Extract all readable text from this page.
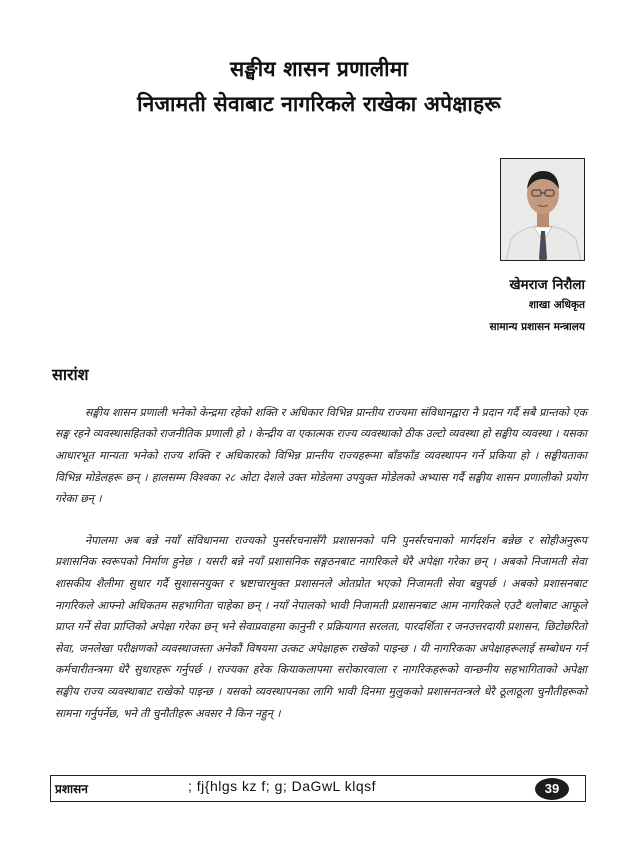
सङ्घीय शासन प्रणालीमा
निजामती सेवाबाट नागरिकले राखेका अपेक्षाहरू
खेमराज निरौला
शाखा अधिकृत
सामान्य प्रशासन मन्त्रालय
सारांश

सङ्घीय शासन प्रणाली भनेको केन्द्रमा रहेको शक्ति र अधिकार विभिन्न प्रान्तीय राज्यमा संविधानद्वारा नै प्रदान गर्दै सबै प्रान्तको एक सङ्घ रहने व्यवस्थासहितको राजनीतिक प्रणाली हो । केन्द्रीय वा एकात्मक राज्य व्यवस्थाको ठीक उल्टो व्यवस्था हो सङ्घीय व्यवस्था । यसका आधारभूत मान्यता भनेको राज्य शक्ति र अधिकारको विभिन्न प्रान्तीय राज्यहरूमा बाँडफाँड व्यवस्थापन गर्ने प्रकिया हो । सङ्घीयताका विभिन्न मोडेलहरू छन् । हालसम्म विश्वका २८ ओटा देशले उक्त मोडेलमा उपयुक्त मोडेलको अभ्यास गर्दै सङ्घीय शासन प्रणालीको प्रयोग गरेका छन् ।

नेपालमा अब बन्ने नयाँ संविधानमा राज्यको पुनर्संरचनासँगै प्रशासनको पनि पुनर्संरचनाको मार्गदर्शन बन्नेछ र सोहीअनुरूप प्रशासनिक स्वरूपको निर्माण हुनेछ । यसरी बन्ने नयाँ प्रशासनिक सङ्गठनबाट नागरिकले धेरै अपेक्षा गरेका छन् । अबको निजामती सेवा शासकीय शैलीमा सुधार गर्दै सुशासनयुक्त र भ्रष्टाचारमुक्त प्रशासनले ओतप्रोत भएको निजामती सेवा बन्नुपर्छ । अबको प्रशासनबाट नागरिकले आफ्नो अधिकतम सहभागिता चाहेका छन् । नयाँ नेपालको भावी निजामती प्रशासनबाट आम नागरिकले एउटै थलोबाट आफूले प्राप्त गर्ने सेवा प्राप्तिको अपेक्षा गरेका छन् भने सेवाप्रवाहमा कानुनी र प्रक्रियागत सरलता, पारदर्शिता र जनउत्तरदायी प्रशासन, छिटोछरितो सेवा, जनलेखा परीक्षणको व्यवस्थाजस्ता अनेकौं विषयमा उत्कट अपेक्षाहरू राखेको पाइन्छ । यी नागरिकका अपेक्षाहरूलाई सम्बोधन गर्न कर्मचारीतन्त्रमा धेरै सुधारहरू गर्नुपर्छ । राज्यका हरेक कियाकलापमा सरोकारवाला र नागरिकहरूको वान्छनीय सहभागिताको अपेक्षा सङ्घीय राज्य व्यवस्थाबाट राखेको पाइन्छ । यसको व्यवस्थापनका लागि भावी दिनमा मुलुकको प्रशासनतन्त्रले धेरै ठूलाठूला चुनौतीहरूको सामना गर्नुपर्नेछ, भने ती चुनौतीहरू अवसर नै किन नहुन् ।

प्रशासन	; fj{hlgs kz f; g; DaGwL klqsf	39
